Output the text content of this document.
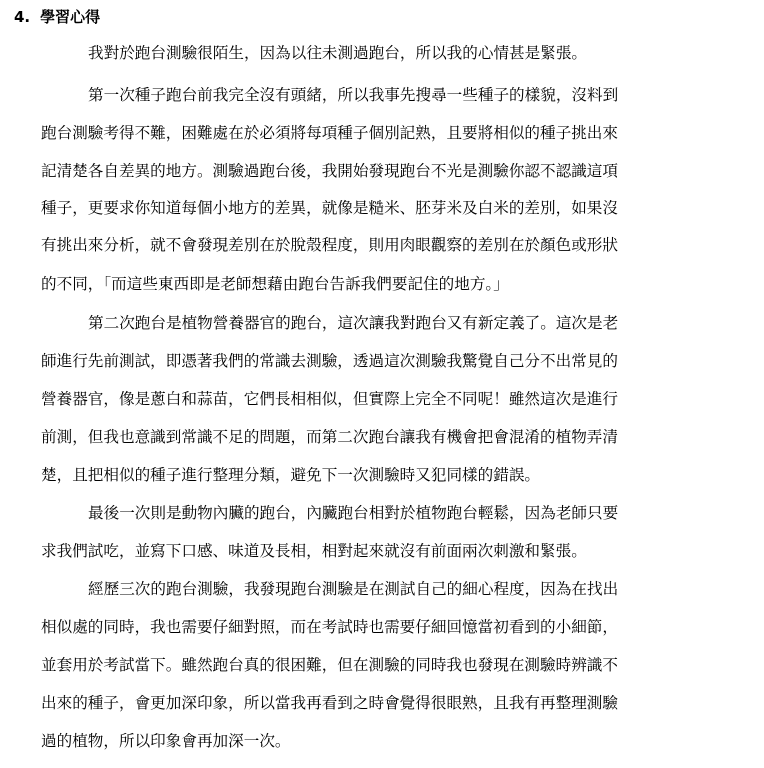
4. 學習心得
我對於跑台測驗很陌生，因為以往未測過跑台，所以我的心情甚是緊張。
第一次種子跑台前我完全沒有頭緒，所以我事先搜尋一些種子的樣貌，沒料到
跑台測驗考得不難，困難處在於必須將每項種子個別記熟，且要將相似的種子挑出來
記清楚各自差異的地方。測驗過跑台後，我開始發現跑台不光是測驗你認不認識這項
種子，更要求你知道每個小地方的差異，就像是糙米、胚芽米及白米的差別，如果沒
有挑出來分析，就不會發現差別在於脫殼程度，則用肉眼觀察的差別在於顏色或形狀
的不同，「而這些東西即是老師想藉由跑台告訴我們要記住的地方。」
第二次跑台是植物營養器官的跑台，這次讓我對跑台又有新定義了。這次是老
師進行先前測試，即憑著我們的常識去測驗，透過這次測驗我驚覺自己分不出常見的
營養器官，像是蔥白和蒜苗，它們長相相似，但實際上完全不同呢！雖然這次是進行
前測，但我也意識到常識不足的問題，而第二次跑台讓我有機會把會混淆的植物弄清
楚，且把相似的種子進行整理分類，避免下一次測驗時又犯同樣的錯誤。
最後一次則是動物內臟的跑台，內臟跑台相對於植物跑台輕鬆，因為老師只要
求我們試吃，並寫下口感、味道及長相，相對起來就沒有前面兩次刺激和緊張。
經歷三次的跑台測驗，我發現跑台測驗是在測試自己的細心程度，因為在找出
相似處的同時，我也需要仔細對照，而在考試時也需要仔細回憶當初看到的小細節，
並套用於考試當下。雖然跑台真的很困難，但在測驗的同時我也發現在測驗時辨識不
出來的種子，會更加深印象，所以當我再看到之時會覺得很眼熟，且我有再整理測驗
過的植物，所以印象會再加深一次。
